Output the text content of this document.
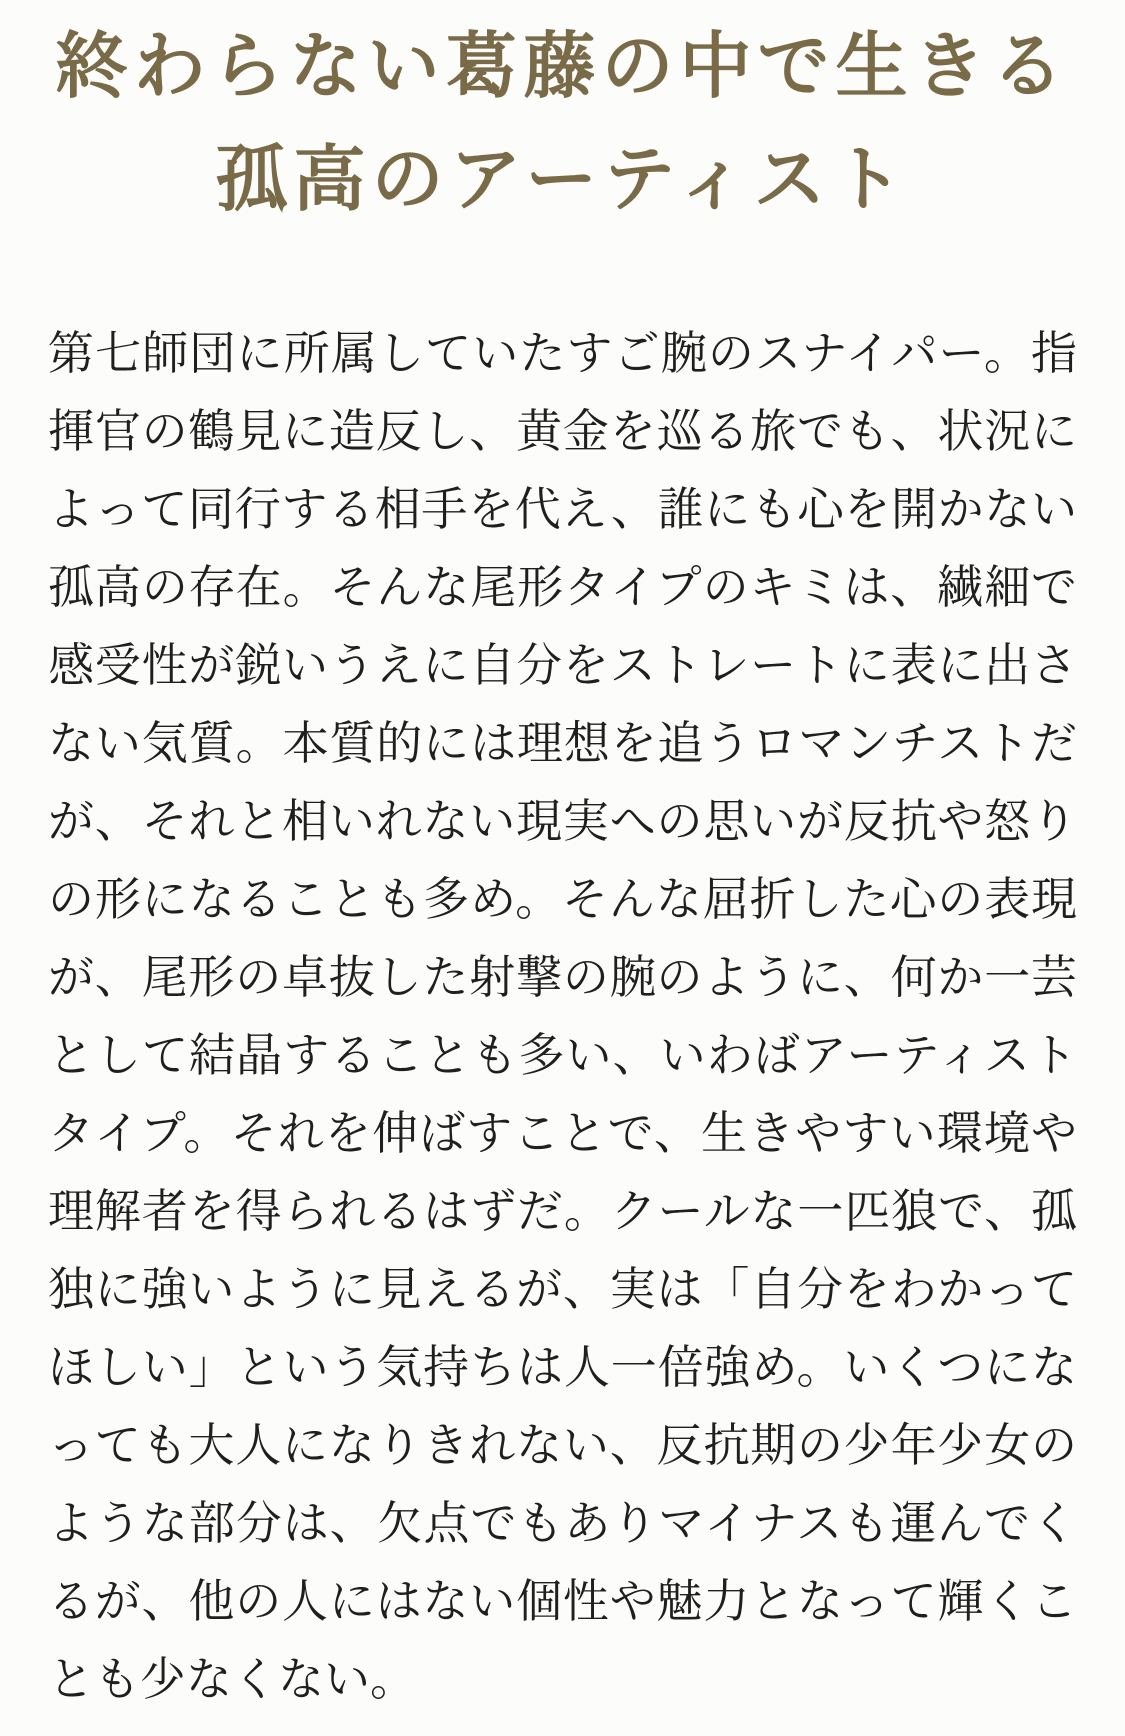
終わらない葛藤の中で生きる
孤高のアーティスト
第七師団に所属していたすご腕のスナイパー。指
揮官の鶴見に造反し、黄金を巡る旅でも、状況に
よって同行する相手を代え、誰にも心を開かない
孤高の存在。そんな尾形タイプのキミは、繊細で
感受性が鋭いうえに自分をストレートに表に出さ
ない気質。本質的には理想を追うロマンチストだ
が、それと相いれない現実への思いが反抗や怒り
の形になることも多め。そんな屈折した心の表現
が、尾形の卓抜した射撃の腕のように、何か一芸
として結晶することも多い、いわばアーティスト
タイプ。それを伸ばすことで、生きやすい環境や
理解者を得られるはずだ。クールな一匹狼で、孤
独に強いように見えるが、実は「自分をわかって
ほしい」という気持ちは人一倍強め。いくつにな
っても大人になりきれない、反抗期の少年少女の
ような部分は、欠点でもありマイナスも運んでく
るが、他の人にはない個性や魅力となって輝くこ
とも少なくない。
